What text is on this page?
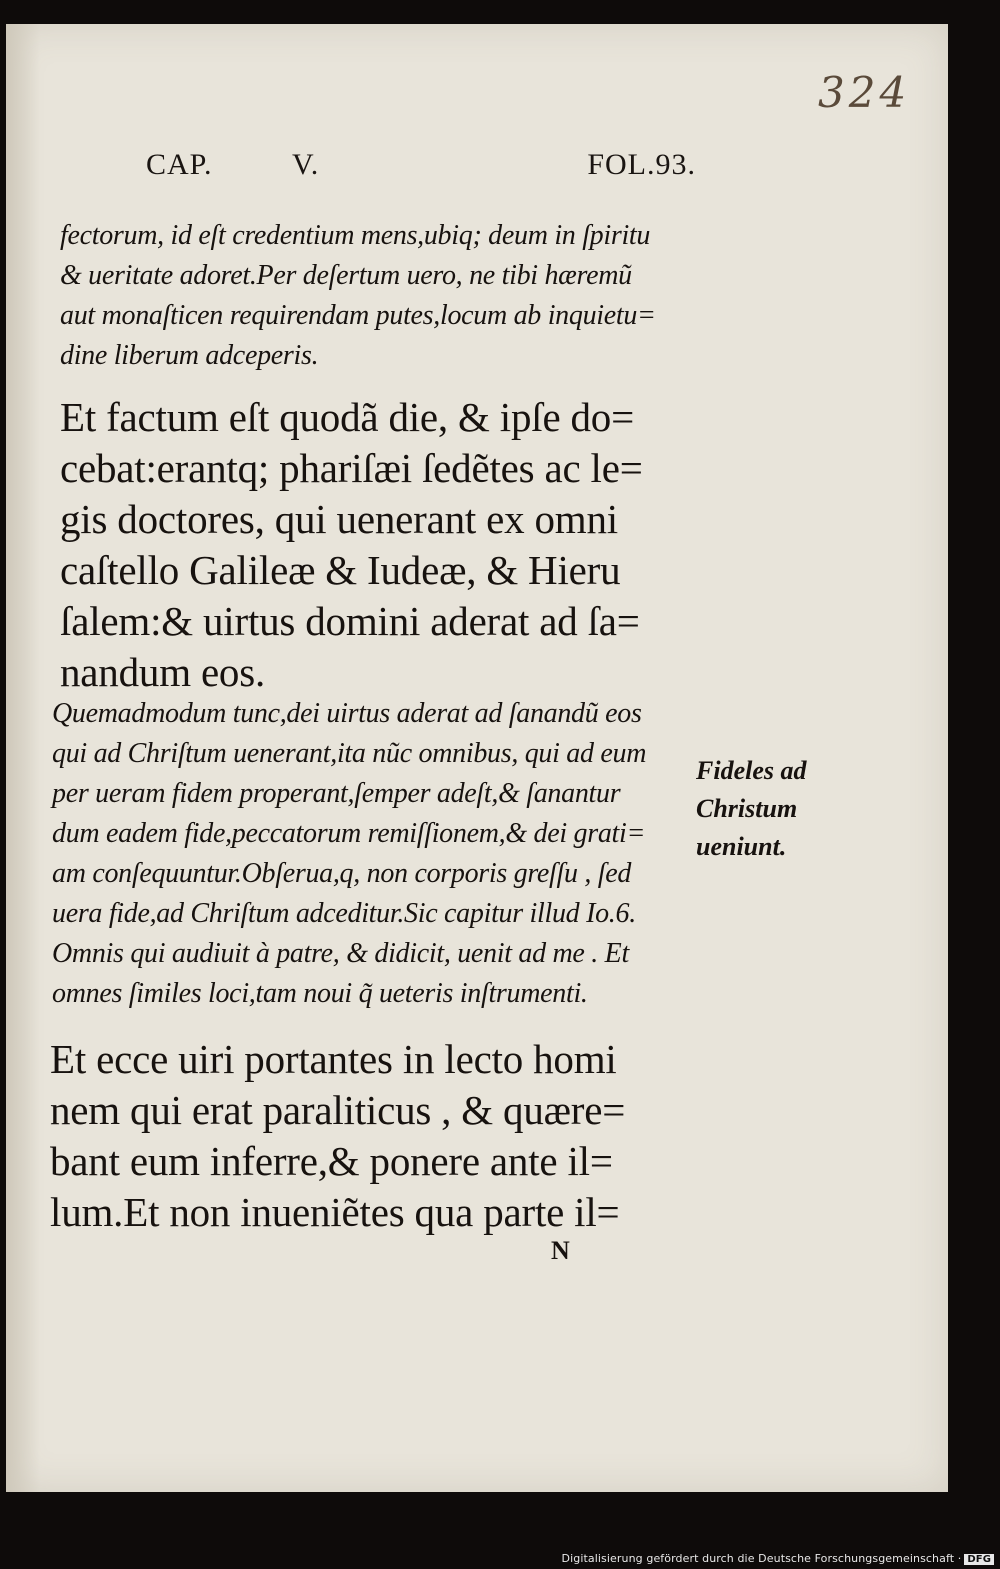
324
CAP.	V.	FOL.93.
fectorum, id eſt credentium mens,ubiq; deum in ſpiritu
& ueritate adoret.Per deſertum uero, ne tibi hæremũ
aut monaſticen requirendam putes,locum ab inquietu=
dine liberum adceperis.
Et factum eſt quodã die, & ipſe do=
cebat:erantq; phariſæi ſedẽtes ac le=
gis doctores, qui uenerant ex omni
caſtello Galileæ & Iudeæ, & Hieru
ſalem:& uirtus domini aderat ad ſa=
nandum eos.
Quemadmodum tunc,dei uirtus aderat ad ſanandũ eos
qui ad Chriſtum uenerant,ita nũc omnibus, qui ad eum
per ueram fidem properant,ſemper adeſt,& ſanantur
dum eadem fide,peccatorum remiſſionem,& dei grati=
am conſequuntur.Obſerua,q, non corporis greſſu , ſed
uera fide,ad Chriſtum adceditur.Sic capitur illud Io.6.
Omnis qui audiuit à patre, & didicit, uenit ad me . Et
omnes ſimiles loci,tam noui q̃ ueteris inſtrumenti.
Fideles ad
Christum
ueniunt.
Et ecce uiri portantes in lecto homi
nem qui erat paraliticus , & quære=
bant eum inferre,& ponere ante il=
lum.Et non inueniẽtes qua parte il=
N
Digitalisierung gefördert durch die Deutsche Forschungsgemeinschaft · DFG
